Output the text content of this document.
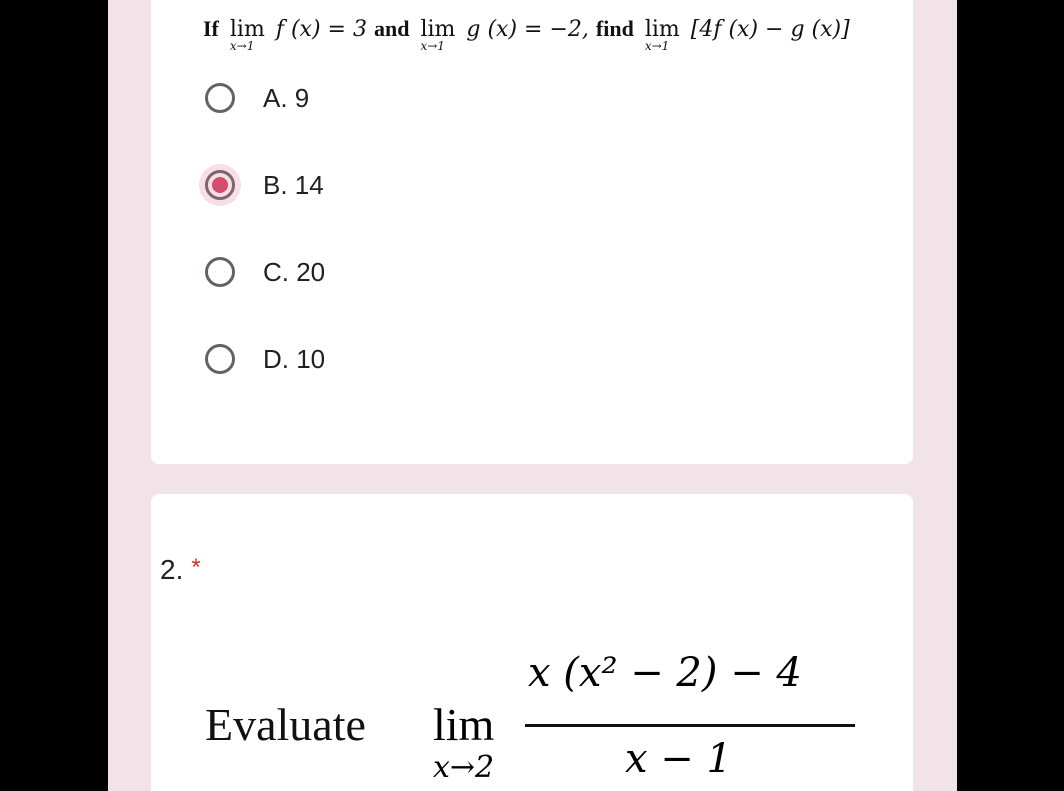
If lim
x→1
f (x) = 3 and lim
x→1
g (x) = −2, find lim
x→1
[4f (x) − g (x)]
A. 9
B. 14
C. 20
D. 10
2. *
Evaluate lim
x→2
x (x² − 2) − 4
x − 1
